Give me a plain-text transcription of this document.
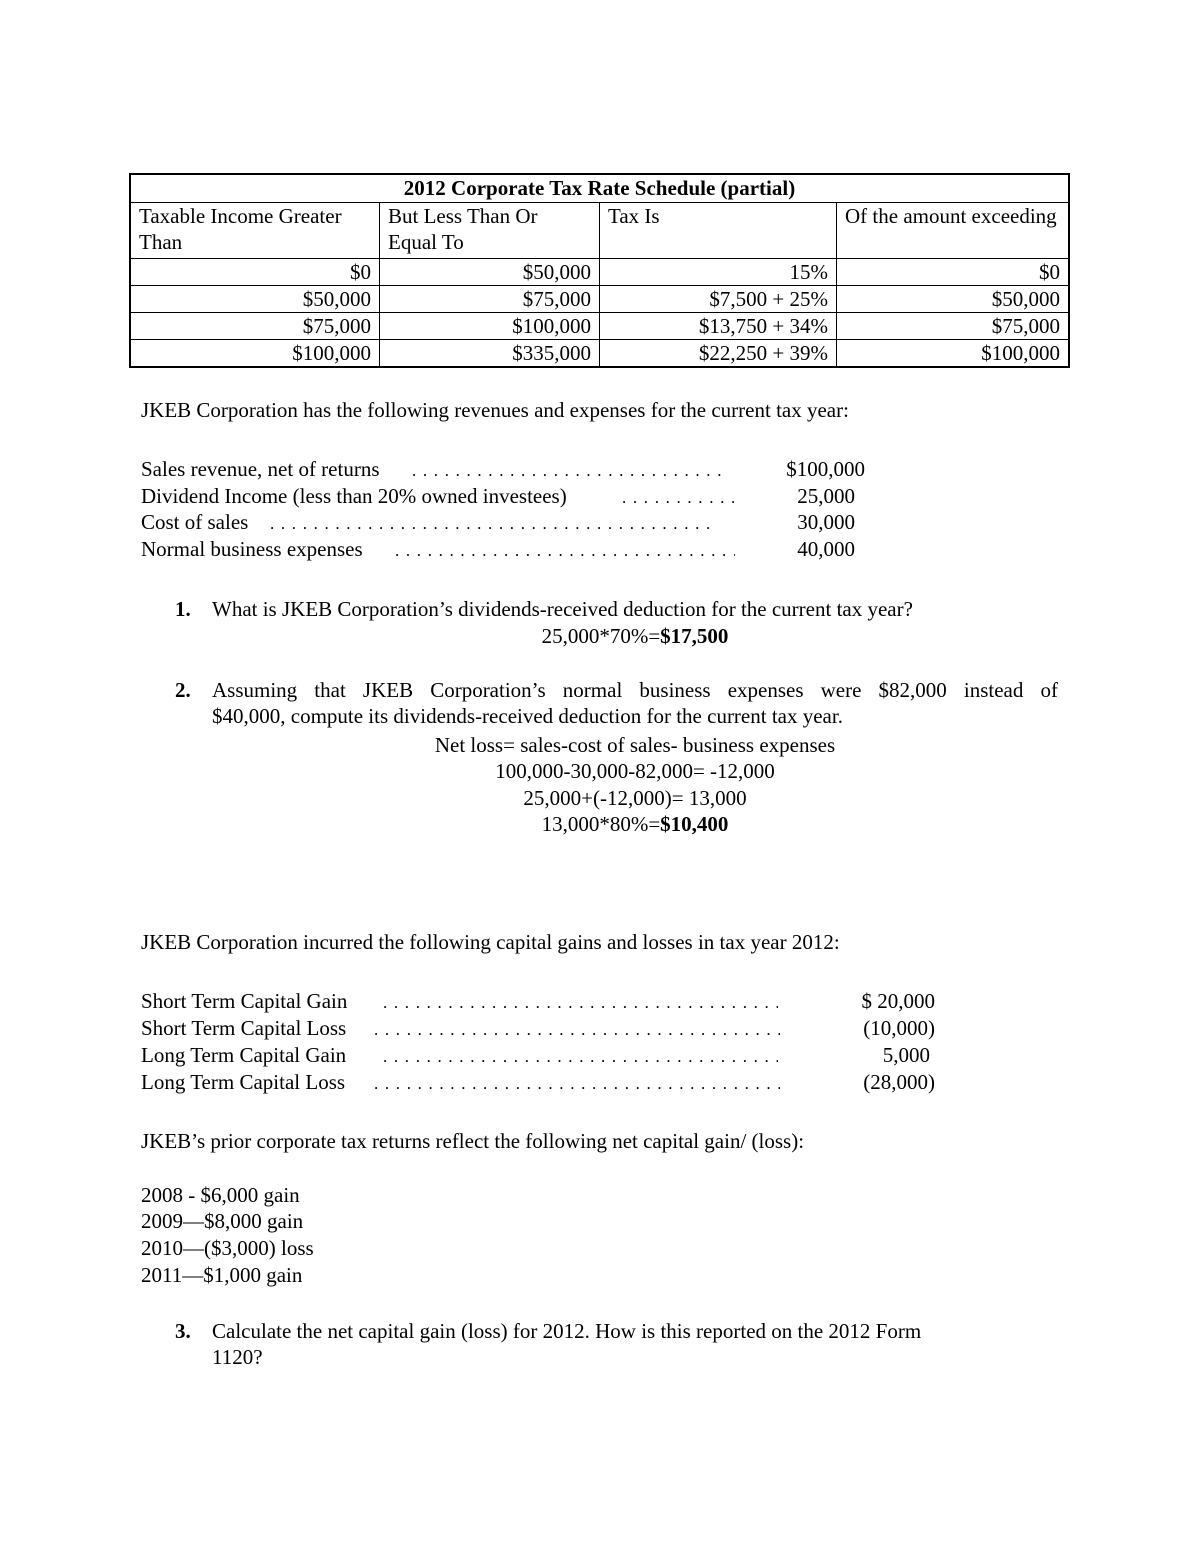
2012 Corporate Tax Rate Schedule (partial)			
Taxable Income Greater Than	But Less Than Or Equal To	Tax Is	Of the amount exceeding
$0	$50,000	15%	$0
$50,000	$75,000	$7,500 + 25%	$50,000
$75,000	$100,000	$13,750 + 34%	$75,000
$100,000	$335,000	$22,250 + 39%	$100,000
JKEB Corporation has the following revenues and expenses for the current tax year:
Sales revenue, net of returns . . .	$100,000
Dividend Income (less than 20% owned investees) . . .	25,000
Cost of sales . . .	30,000
Normal business expenses . . .	40,000
1. What is JKEB Corporation’s dividends-received deduction for the current tax year?
25,000*70%=$17,500
2. Assuming that JKEB Corporation’s normal business expenses were $82,000 instead of
$40,000, compute its dividends-received deduction for the current tax year.
Net loss= sales-cost of sales- business expenses
100,000-30,000-82,000= -12,000
25,000+(-12,000)= 13,000
13,000*80%=$10,400
JKEB Corporation incurred the following capital gains and losses in tax year 2012:
Short Term Capital Gain . . .	$ 20,000
Short Term Capital Loss . . .	(10,000)
Long Term Capital Gain . . .	5,000
Long Term Capital Loss . . .	(28,000)
JKEB’s prior corporate tax returns reflect the following net capital gain/ (loss):
2008 - $6,000 gain
2009—$8,000 gain
2010—($3,000) loss
2011—$1,000 gain
3. Calculate the net capital gain (loss) for 2012. How is this reported on the 2012 Form
1120?
